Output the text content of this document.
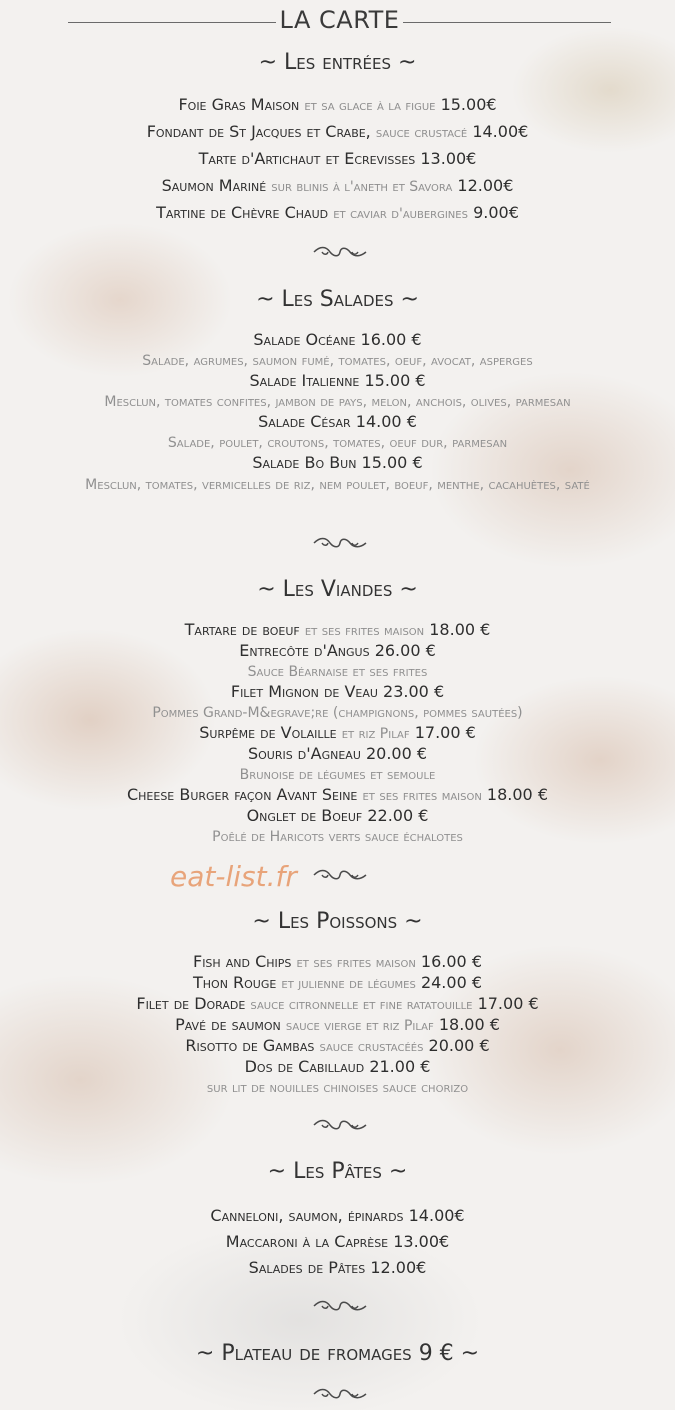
LA CARTE
~ Les entrées ~
Foie Gras Maison et sa glace à la figue 15.00€
Fondant de St Jacques et Crabe, sauce crustacé 14.00€
Tarte d'Artichaut et Ecrevisses 13.00€
Saumon Mariné sur blinis à l'aneth et Savora 12.00€
Tartine de Chèvre Chaud et caviar d'aubergines 9.00€
~ Les Salades ~
Salade Océane 16.00 €
Salade, agrumes, saumon fumé, tomates, oeuf, avocat, asperges
Salade Italienne 15.00 €
Mesclun, tomates confites, jambon de pays, melon, anchois, olives, parmesan
Salade César 14.00 €
Salade, poulet, croutons, tomates, oeuf dur, parmesan
Salade Bo Bun 15.00 €
Mesclun, tomates, vermicelles de riz, nem poulet, boeuf, menthe, cacahuètes, saté
~ Les Viandes ~
Tartare de boeuf et ses frites maison 18.00 €
Entrecôte d'Angus 26.00 €
Sauce Béarnaise et ses frites
Filet Mignon de Veau 23.00 €
Pommes Grand-M&egrave;re (champignons, pommes sautées)
Surpême de Volaille et riz Pilaf 17.00 €
Souris d'Agneau 20.00 €
Brunoise de légumes et semoule
Cheese Burger façon Avant Seine et ses frites maison 18.00 €
Onglet de Boeuf 22.00 €
Poêlé de Haricots verts sauce échalotes
eat-list.fr
~ Les Poissons ~
Fish and Chips et ses frites maison 16.00 €
Thon Rouge et julienne de légumes 24.00 €
Filet de Dorade sauce citronnelle et fine ratatouille 17.00 €
Pavé de saumon sauce vierge et riz Pilaf 18.00 €
Risotto de Gambas sauce crustacéés 20.00 €
Dos de Cabillaud 21.00 €
sur lit de nouilles chinoises sauce chorizo
~ Les Pâtes ~
Canneloni, saumon, épinards 14.00€
Maccaroni à la Caprèse 13.00€
Salades de Pâtes 12.00€
~ Plateau de fromages 9 € ~
